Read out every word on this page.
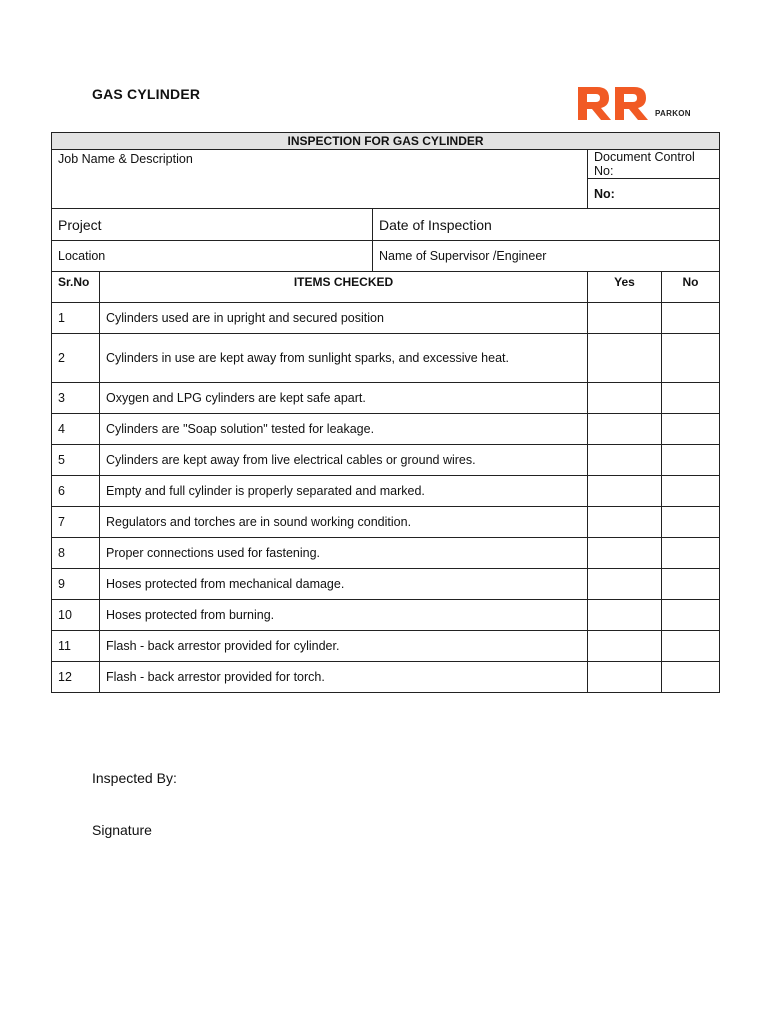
GAS CYLINDER
PARKON
INSPECTION FOR GAS CYLINDER				
Job Name & Description			Document Control No:	
			No:	
Project		Date of Inspection		
Location		Name of Supervisor /Engineer		
Sr.No	ITEMS CHECKED		Yes	No
1	Cylinders used are in upright and secured position			
2	Cylinders in use are kept away from sunlight sparks, and excessive heat.			
3	Oxygen and LPG cylinders are kept safe apart.			
4	Cylinders are "Soap solution" tested for leakage.			
5	Cylinders are kept away from live electrical cables or ground wires.			
6	Empty and full cylinder is properly separated and marked.			
7	Regulators and torches are in sound working condition.			
8	Proper connections used for fastening.			
9	Hoses protected from mechanical damage.			
10	Hoses protected from burning.			
11	Flash - back arrestor provided for cylinder.			
12	Flash - back arrestor provided for torch.			
Inspected By:
Signature
